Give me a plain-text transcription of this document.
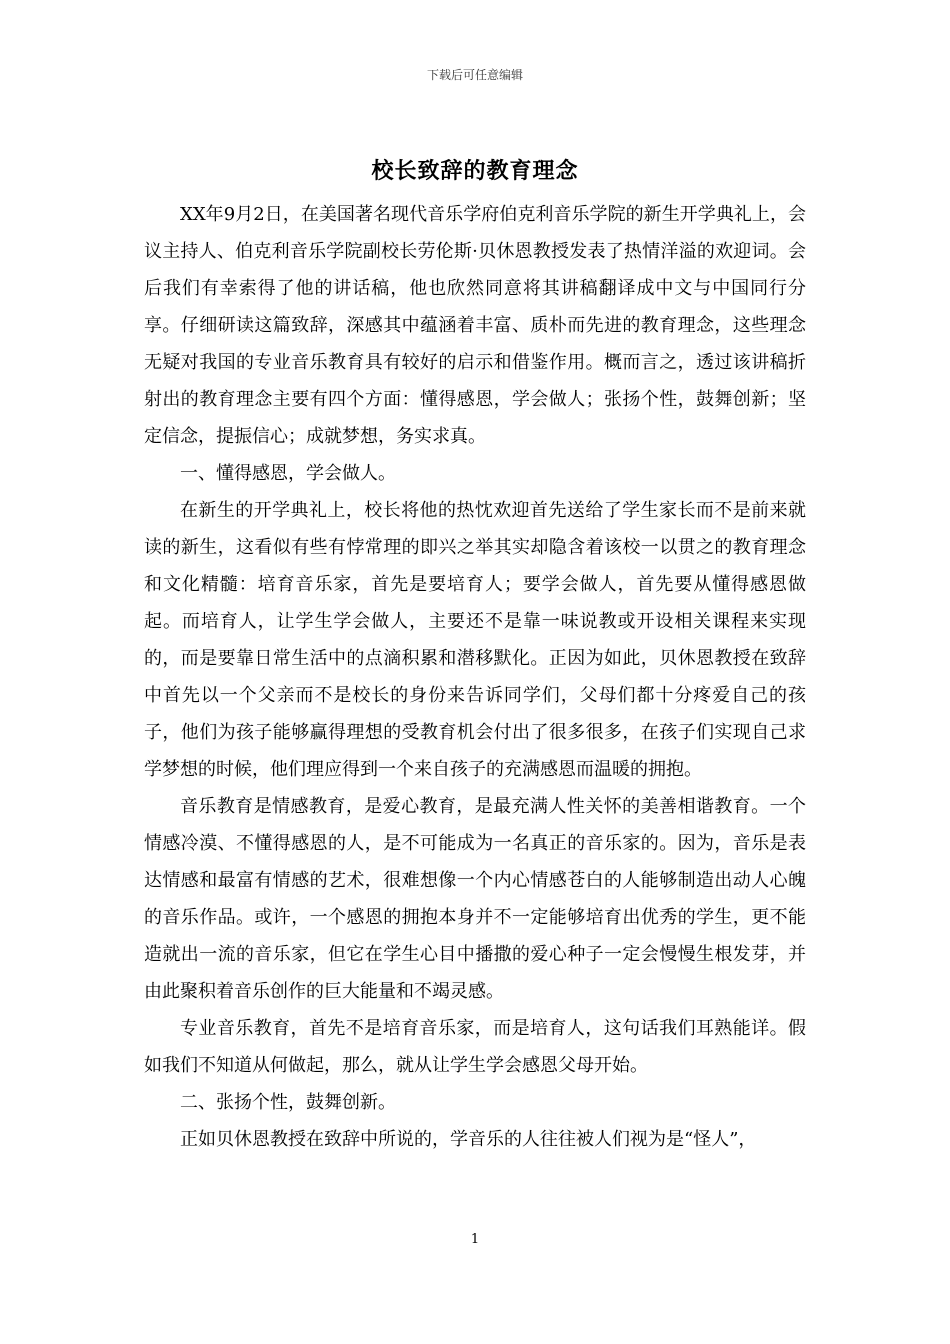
下载后可任意编辑
校长致辞的教育理念

XX年9月2日，在美国著名现代音乐学府伯克利音乐学院的新生开学典礼上，会议主持人、伯克利音乐学院副校长劳伦斯·贝休恩教授发表了热情洋溢的欢迎词。会后我们有幸索得了他的讲话稿，他也欣然同意将其讲稿翻译成中文与中国同行分享。仔细研读这篇致辞，深感其中蕴涵着丰富、质朴而先进的教育理念，这些理念无疑对我国的专业音乐教育具有较好的启示和借鉴作用。概而言之，透过该讲稿折射出的教育理念主要有四个方面：懂得感恩，学会做人；张扬个性，鼓舞创新；坚定信念，提振信心；成就梦想，务实求真。

一、懂得感恩，学会做人。

在新生的开学典礼上，校长将他的热忱欢迎首先送给了学生家长而不是前来就读的新生，这看似有些有悖常理的即兴之举其实却隐含着该校一以贯之的教育理念和文化精髓：培育音乐家，首先是要培育人；要学会做人，首先要从懂得感恩做起。而培育人，让学生学会做人，主要还不是靠一味说教或开设相关课程来实现的，而是要靠日常生活中的点滴积累和潜移默化。正因为如此，贝休恩教授在致辞中首先以一个父亲而不是校长的身份来告诉同学们，父母们都十分疼爱自己的孩子，他们为孩子能够赢得理想的受教育机会付出了很多很多，在孩子们实现自己求学梦想的时候，他们理应得到一个来自孩子的充满感恩而温暖的拥抱。

音乐教育是情感教育，是爱心教育，是最充满人性关怀的美善相谐教育。一个情感冷漠、不懂得感恩的人，是不可能成为一名真正的音乐家的。因为，音乐是表达情感和最富有情感的艺术，很难想像一个内心情感苍白的人能够制造出动人心魄的音乐作品。或许，一个感恩的拥抱本身并不一定能够培育出优秀的学生，更不能造就出一流的音乐家，但它在学生心目中播撒的爱心种子一定会慢慢生根发芽，并由此聚积着音乐创作的巨大能量和不竭灵感。

专业音乐教育，首先不是培育音乐家，而是培育人，这句话我们耳熟能详。假如我们不知道从何做起，那么，就从让学生学会感恩父母开始。

二、张扬个性，鼓舞创新。

正如贝休恩教授在致辞中所说的，学音乐的人往往被人们视为是“怪人”，

1
